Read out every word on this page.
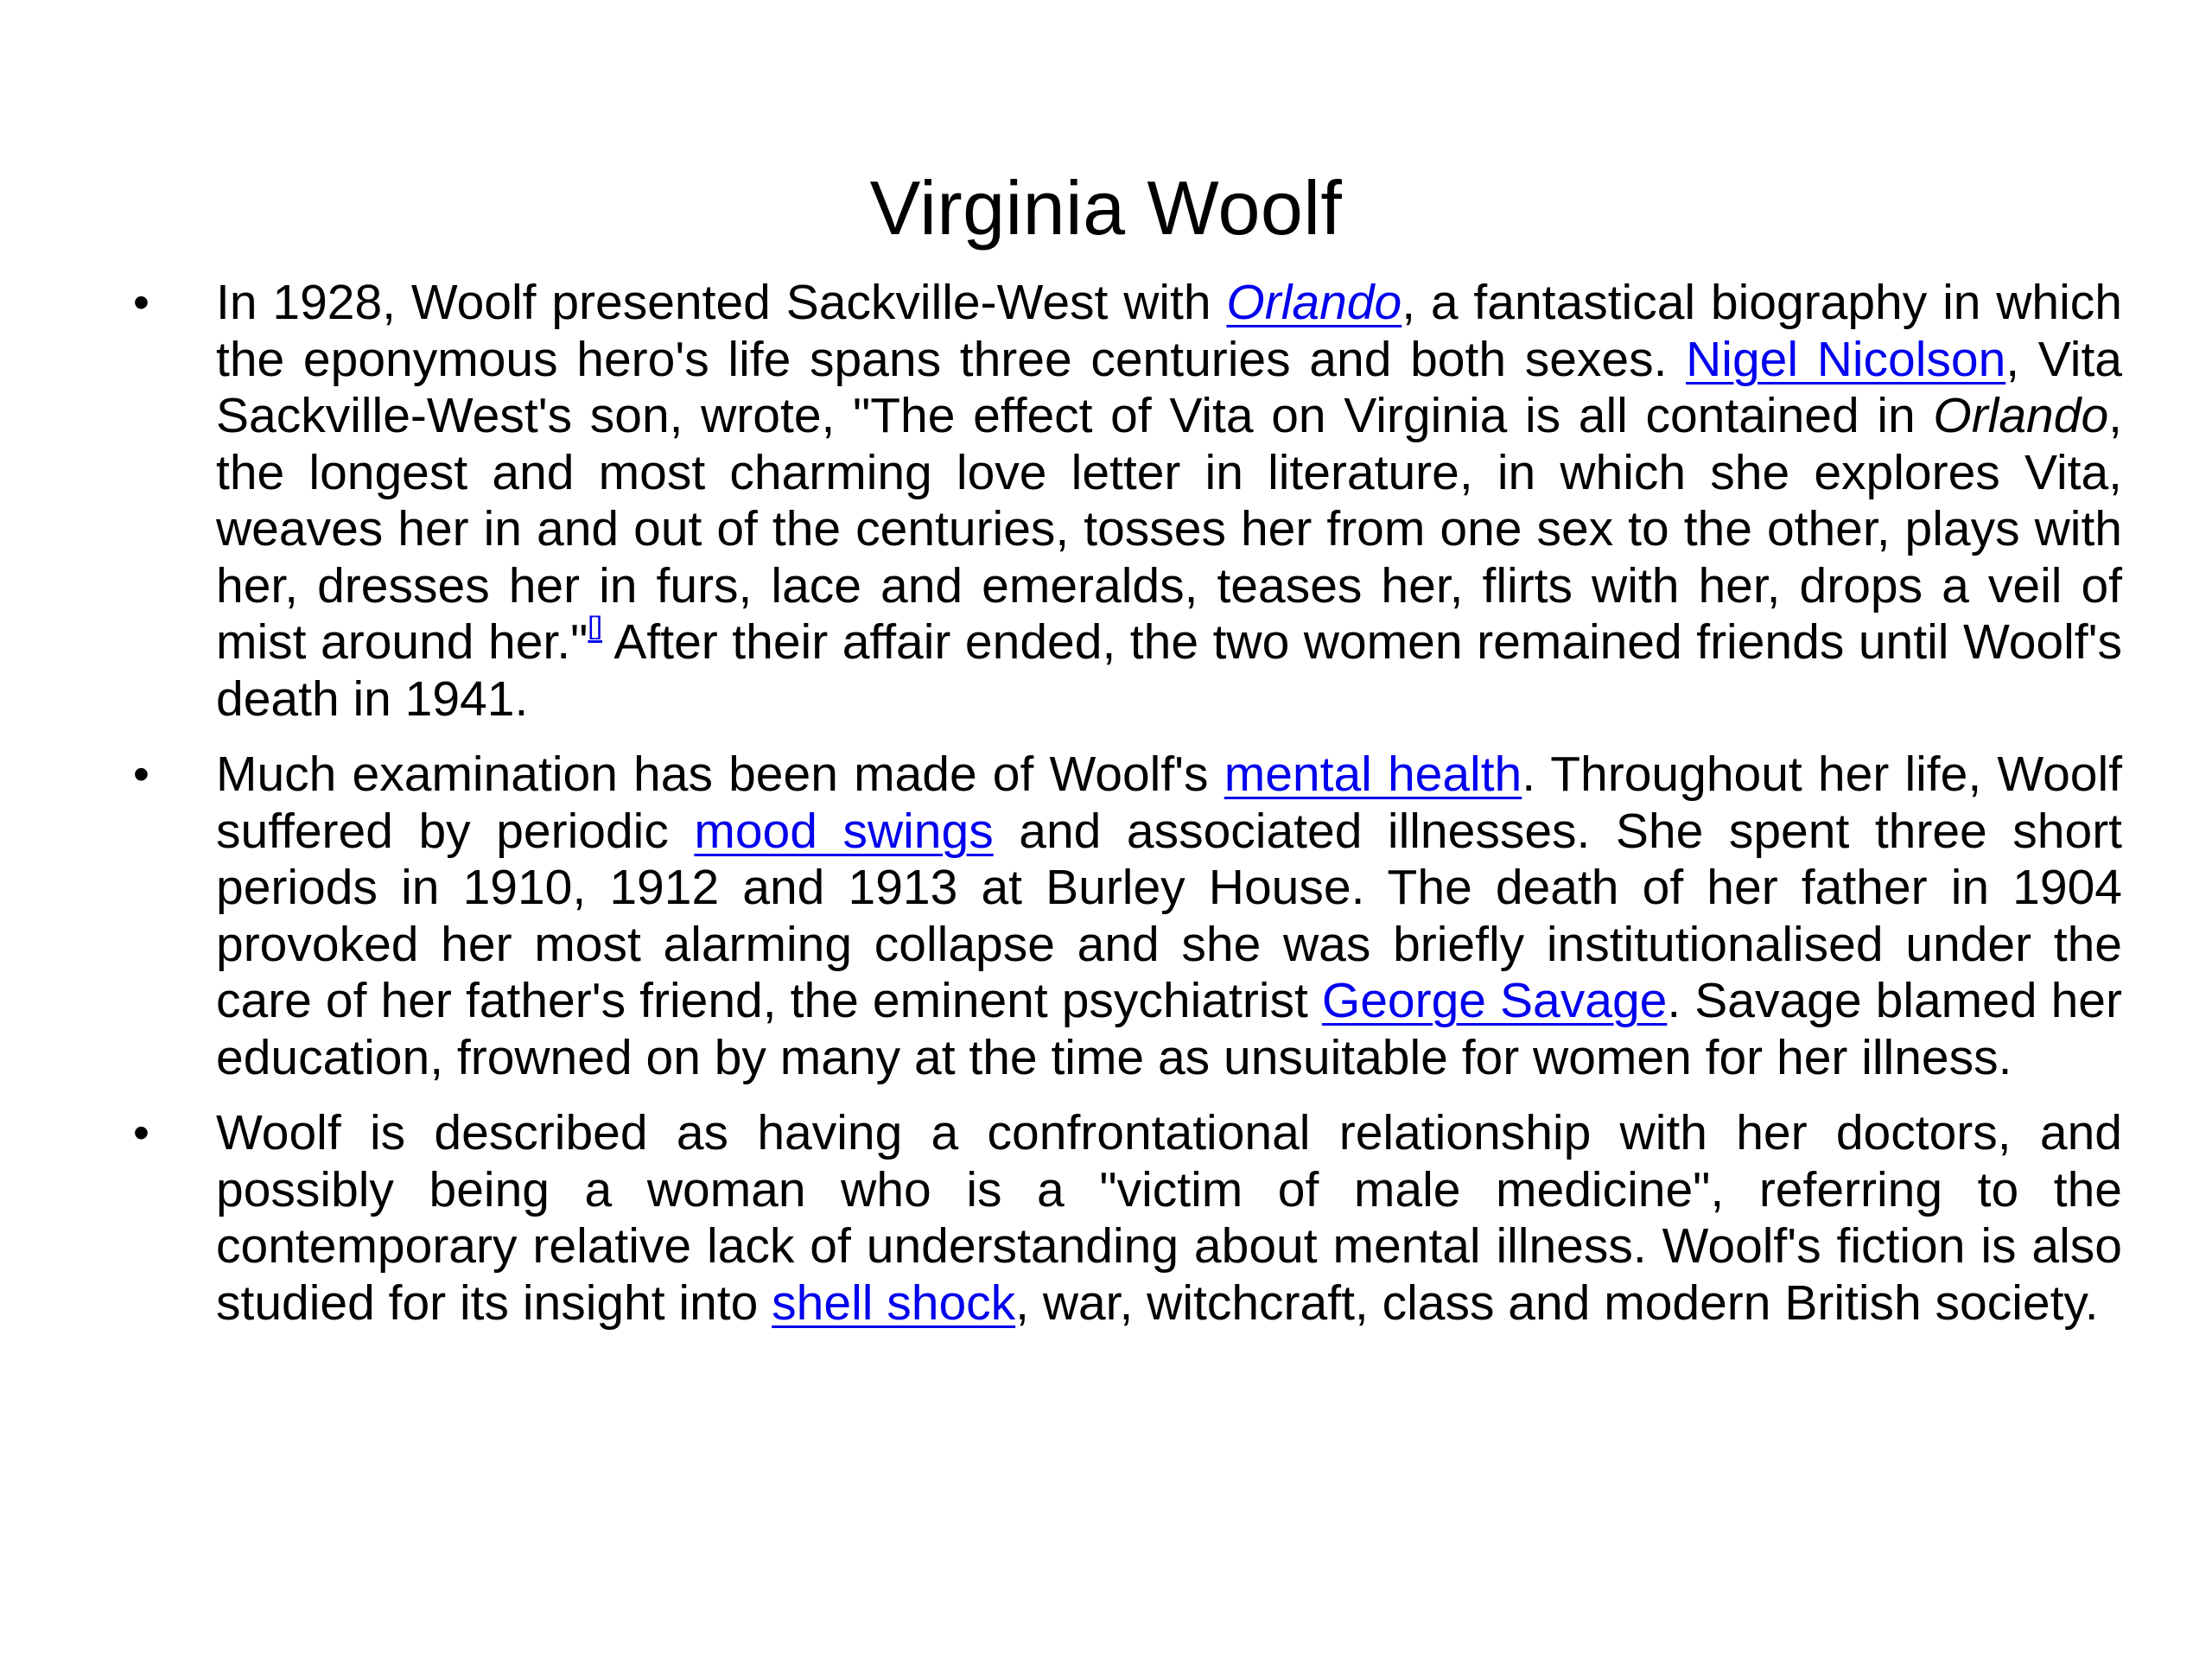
Virginia Woolf
• In 1928, Woolf presented Sackville-West with Orlando, a fantastical biography in which the eponymous hero's life spans three centuries and both sexes. Nigel Nicolson, Vita Sackville-West's son, wrote, "The effect of Vita on Virginia is all contained in Orlando, the longest and most charming love letter in literature, in which she explores Vita, weaves her in and out of the centuries, tosses her from one sex to the other, plays with her, dresses her in furs, lace and emeralds, teases her, flirts with her, drops a veil of mist around her."[] After their affair ended, the two women remained friends until Woolf's death in 1941.
• Much examination has been made of Woolf's mental health. Throughout her life, Woolf suffered by periodic mood swings and associated illnesses. She spent three short periods in 1910, 1912 and 1913 at Burley House. The death of her father in 1904 provoked her most alarming collapse and she was briefly institutionalised under the care of her father's friend, the eminent psychiatrist George Savage. Savage blamed her education, frowned on by many at the time as unsuitable for women for her illness.
• Woolf is described as having a confrontational relationship with her doctors, and possibly being a woman who is a "victim of male medicine", referring to the contemporary relative lack of understanding about mental illness. Woolf's fiction is also studied for its insight into shell shock, war, witchcraft, class and modern British society.
